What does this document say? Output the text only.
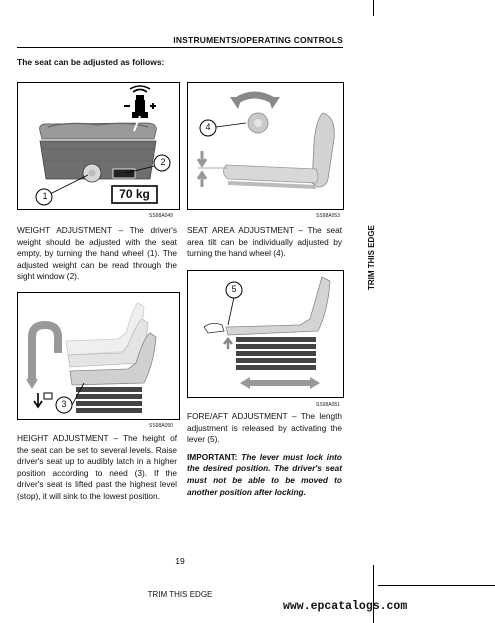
INSTRUMENTS/OPERATING CONTROLS
The seat can be adjusted as follows:
1
2
70 kg
SS98A049
4
SS98A053

WEIGHT ADJUSTMENT – The driver's weight should be adjusted with the seat empty, by turning the hand wheel (1). The adjusted weight can be read through the sight window (2).

SEAT AREA ADJUSTMENT – The seat area tilt can be individually adjusted by turning the hand wheel (4).

3
SS98A050
5
SS98A051

HEIGHT ADJUSTMENT – The height of the seat can be set to several levels. Raise driver's seat up to audibly latch in a higher position according to need (3). If the driver's seat is lifted past the highest level (stop), it will sink to the lowest position.

FORE/AFT ADJUSTMENT – The length adjustment is released by activating the lever (5).

IMPORTANT: The lever must lock into the desired position. The driver's seat must not be able to be moved to another position after locking.

TRIM THIS EDGE
19
TRIM THIS EDGE
www.epcatalogs.com
